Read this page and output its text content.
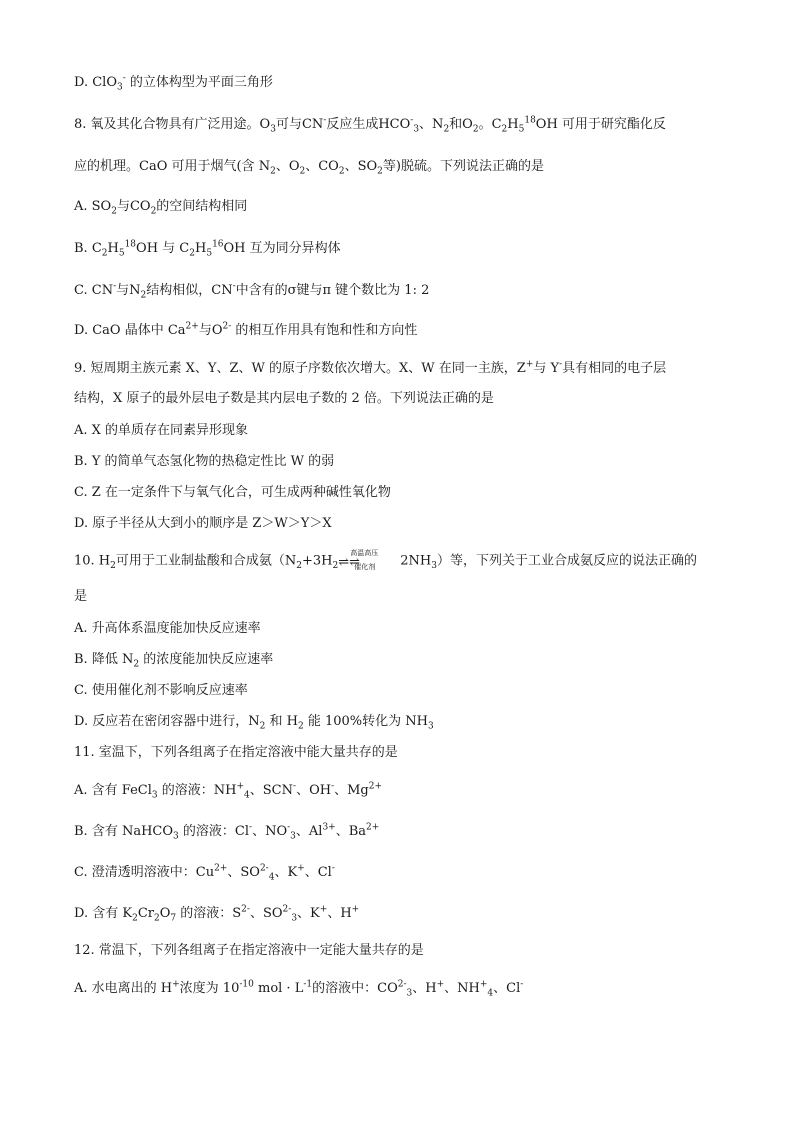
D. ClO$_3$- 的立体构型为平面三角形
8. 氧及其化合物具有广泛用途。$O_3$可与CN-反应生成$HCO^-_3$、$N_2$和$O_2$。$C_2H_5^{18}OH$ 可用于研究酯化反
应的机理。CaO 可用于烟气(含 $N_2$、$O_2$、$CO_2$、$SO_2$等)脱硫。下列说法正确的是
A. $SO_2$与$CO_2$的空间结构相同
B. $C_2H_5^{18}OH$ 与 $C_2H_5^{16}OH$ 互为同分异构体
C. CN-与$N_2$结构相似，CN-中含有的σ键与π 键个数比为 1: 2
D. CaO 晶体中 $Ca^{2+}$与$O^{2-}$ 的相互作用具有饱和性和方向性
9. 短周期主族元素 X、Y、Z、W 的原子序数依次增大。X、W 在同一主族，Z+与 Y-具有相同的电子层
结构，X 原子的最外层电子数是其内层电子数的 2 倍。下列说法正确的是
A. X 的单质存在同素异形现象
B. Y 的简单气态氢化物的热稳定性比 W 的弱
C. Z 在一定条件下与氧气化合，可生成两种碱性氧化物
D. 原子半径从大到小的顺序是 Z＞W＞Y＞X
10. $H_2$可用于工业制盐酸和合成氨（$N_2+3H_2$
高温高压
⇌⇌
催化剂 $2NH_3$）等，下列关于工业合成氨反应的说法正确的
是
A. 升高体系温度能加快反应速率
B. 降低 $N_2$ 的浓度能加快反应速率
C. 使用催化剂不影响反应速率
D. 反应若在密闭容器中进行，$N_2$ 和 $H_2$ 能 100%转化为 $NH_3$
11. 室温下，下列各组离子在指定溶液中能大量共存的是
A. 含有 FeCl$_3$ 的溶液：$NH^+_4$、SCN-、OH-、$Mg^{2+}$
B. 含有 NaHCO$_3$ 的溶液：Cl-、$NO^-_3$、$Al^{3+}$、$Ba^{2+}$
C. 澄清透明溶液中：$Cu^{2+}$、$SO^{2-}_4$、K+、Cl-
D. 含有 $K_2Cr_2O_7$ 的溶液：$S^{2-}$、$SO^{2-}_3$、K+、H+
12. 常温下，下列各组离子在指定溶液中一定能大量共存的是
A. 水电离出的 H+浓度为 $10^{-10}$ mol · $L^{-1}$的溶液中：$CO^{2-}_3$、H+、$NH^+_4$、Cl-
